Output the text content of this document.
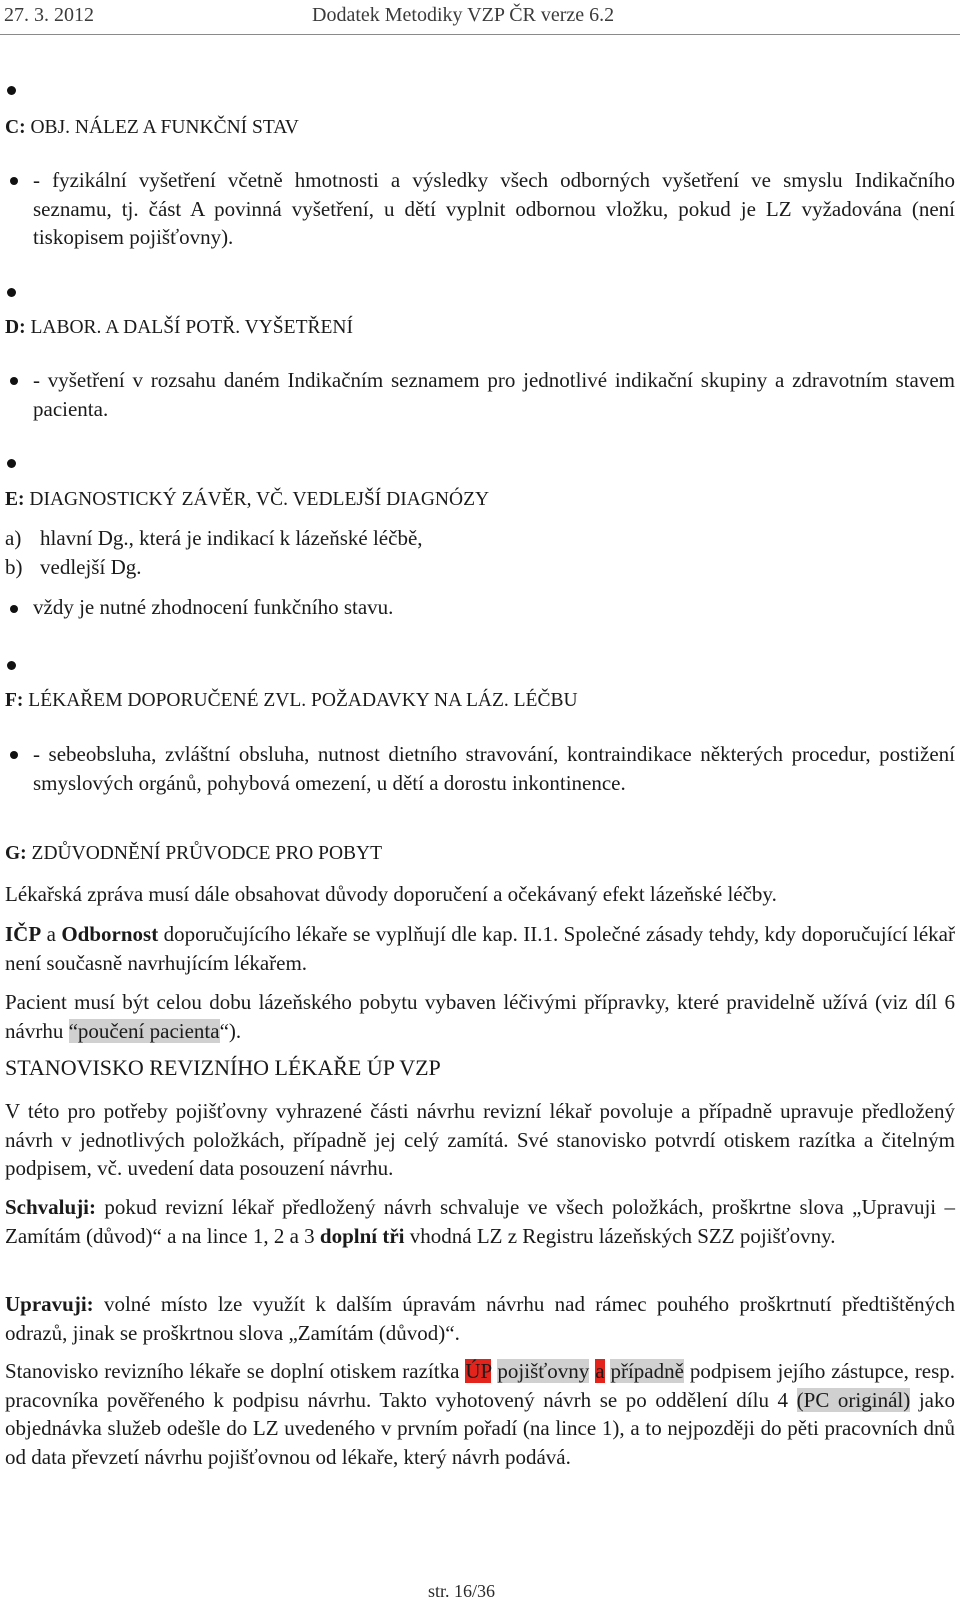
27. 3. 2012	Dodatek Metodiky VZP ČR verze 6.2
C: OBJ. NÁLEZ A FUNKČNÍ STAV
- fyzikální vyšetření včetně hmotnosti a výsledky všech odborných vyšetření ve smyslu Indikačního seznamu, tj. část A povinná vyšetření, u dětí vyplnit odbornou vložku, pokud je LZ vyžadována (není tiskopisem pojišťovny).
D: LABOR. A DALŠÍ POTŘ. VYŠETŘENÍ
- vyšetření v rozsahu daném Indikačním seznamem pro jednotlivé indikační skupiny a zdravotním stavem pacienta.
E: DIAGNOSTICKÝ ZÁVĚR, VČ. VEDLEJŠÍ DIAGNÓZY
a) hlavní Dg., která je indikací k lázeňské léčbě,
b) vedlejší Dg.
vždy je nutné zhodnocení funkčního stavu.
F: LÉKAŘEM DOPORUČENÉ ZVL. POŽADAVKY NA LÁZ. LÉČBU
- sebeobsluha, zvláštní obsluha, nutnost dietního stravování, kontraindikace některých procedur, postižení smyslových orgánů, pohybová omezení, u dětí a dorostu inkontinence.
G: ZDŮVODNĚNÍ PRŮVODCE PRO POBYT
Lékařská zpráva musí dále obsahovat důvody doporučení a očekávaný efekt lázeňské léčby.
IČP a Odbornost doporučujícího lékaře se vyplňují dle kap. II.1. Společné zásady tehdy, kdy doporučující lékař není současně navrhujícím lékařem.
Pacient musí být celou dobu lázeňského pobytu vybaven léčivými přípravky, které pravidelně užívá (viz díl 6 návrhu “poučení pacienta“).
STANOVISKO REVIZNÍHO LÉKAŘE ÚP VZP
V této pro potřeby pojišťovny vyhrazené části návrhu revizní lékař povoluje a případně upravuje předložený návrh v jednotlivých položkách, případně jej celý zamítá. Své stanovisko potvrdí otiskem razítka a čitelným podpisem, vč. uvedení data posouzení návrhu.
Schvaluji: pokud revizní lékař předložený návrh schvaluje ve všech položkách, proškrtne slova „Upravuji – Zamítám (důvod)“ a na lince 1, 2 a 3 doplní tři vhodná LZ z Registru lázeňských SZZ pojišťovny.
Upravuji: volné místo lze využít k dalším úpravám návrhu nad rámec pouhého proškrtnutí předtištěných odrazů, jinak se proškrtnou slova „Zamítám (důvod)“.
Stanovisko revizního lékaře se doplní otiskem razítka ÚP pojišťovny a případně podpisem jejího zástupce, resp. pracovníka pověřeného k podpisu návrhu. Takto vyhotovený návrh se po oddělení dílu 4 (PC originál) jako objednávka služeb odešle do LZ uvedeného v prvním pořadí (na lince 1), a to nejpozději do pěti pracovních dnů od data převzetí návrhu pojišťovnou od lékaře, který návrh podává.
str. 16/36
